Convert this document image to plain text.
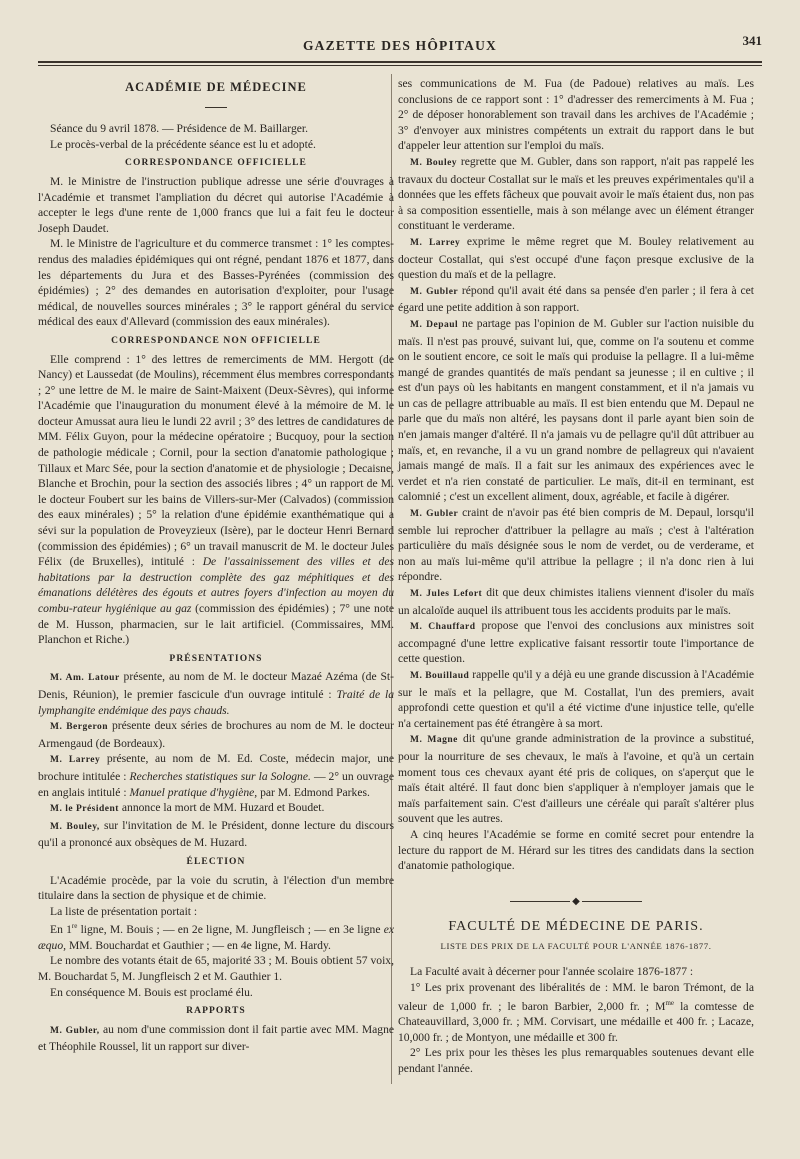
GAZETTE DES HÔPITAUX	341
ACADÉMIE DE MÉDECINE

Séance du 9 avril 1878. — Présidence de M. Baillarger.

Le procès-verbal de la précédente séance est lu et adopté.

CORRESPONDANCE OFFICIELLE

M. le Ministre de l'instruction publique adresse une série d'ouvrages à l'Académie et transmet l'ampliation du décret qui autorise l'Académie à accepter le legs d'une rente de 1,000 francs que lui a fait feu le docteur Joseph Daudet.

M. le Ministre de l'agriculture et du commerce transmet : 1° les comptes-rendus des maladies épidémiques qui ont régné, pendant 1876 et 1877, dans les départements du Jura et des Basses-Pyrénées (commission des épidémies) ; 2° des demandes en autorisation d'exploiter, pour l'usage médical, de nouvelles sources minérales ; 3° le rapport général du service médical des eaux d'Allevard (commission des eaux minérales).

CORRESPONDANCE NON OFFICIELLE

Elle comprend : 1° des lettres de remerciments de MM. Hergott (de Nancy) et Laussedat (de Moulins), récemment élus membres correspondants ; 2° une lettre de M. le maire de Saint-Maixent (Deux-Sèvres), qui informe l'Académie que l'inauguration du monument élevé à la mémoire de M. le docteur Amussat aura lieu le lundi 22 avril ; 3° des lettres de candidatures de MM. Félix Guyon, pour la médecine opératoire ; Bucquoy, pour la section de pathologie médicale ; Cornil, pour la section d'anatomie pathologique ; Tillaux et Marc Sée, pour la section d'anatomie et de physiologie ; Decaisne, Blanche et Brochin, pour la section des associés libres ; 4° un rapport de M. le docteur Foubert sur les bains de Villers-sur-Mer (Calvados) (commission des eaux minérales) ; 5° la relation d'une épidémie exanthématique qui a sévi sur la population de Proveyzieux (Isère), par le docteur Henri Bernard (commission des épidémies) ; 6° un travail manuscrit de M. le docteur Jules Félix (de Bruxelles), intitulé : De l'assainissement des villes et des habitations par la destruction complète des gaz méphitiques et des émanations délétères des égouts et autres foyers d'infection au moyen du combu-rateur hygiénique au gaz (commission des épidémies) ; 7° une note de M. Husson, pharmacien, sur le lait artificiel. (Commissaires, MM. Planchon et Riche.)

PRÉSENTATIONS

M. Am. Latour présente, au nom de M. le docteur Mazaé Azéma (de St-Denis, Réunion), le premier fascicule d'un ouvrage intitulé : Traité de la lymphangite endémique des pays chauds.

M. Bergeron présente deux séries de brochures au nom de M. le docteur Armengaud (de Bordeaux).

M. Larrey présente, au nom de M. Ed. Coste, médecin major, une brochure intitulée : Recherches statistiques sur la Sologne. — 2° un ouvrage en anglais intitulé : Manuel pratique d'hygiène, par M. Edmond Parkes.

M. le Président annonce la mort de MM. Huzard et Boudet.

M. Bouley, sur l'invitation de M. le Président, donne lecture du discours qu'il a prononcé aux obsèques de M. Huzard.

ÉLECTION

L'Académie procède, par la voie du scrutin, à l'élection d'un membre titulaire dans la section de physique et de chimie.

La liste de présentation portait :

En 1re ligne, M. Bouis ; — en 2e ligne, M. Jungfleisch ; — en 3e ligne ex æquo, MM. Bouchardat et Gauthier ; — en 4e ligne, M. Hardy.

Le nombre des votants était de 65, majorité 33 ; M. Bouis obtient 57 voix, M. Bouchardat 5, M. Jungfleisch 2 et M. Gauthier 1.

En conséquence M. Bouis est proclamé élu.

RAPPORTS

M. Gubler, au nom d'une commission dont il fait partie avec MM. Magne et Théophile Roussel, lit un rapport sur diver-

ses communications de M. Fua (de Padoue) relatives au maïs. Les conclusions de ce rapport sont : 1° d'adresser des remerciments à M. Fua ; 2° de déposer honorablement son travail dans les archives de l'Académie ; 3° d'envoyer aux ministres compétents un extrait du rapport dans le but d'appeler leur attention sur l'emploi du maïs.

M. Bouley regrette que M. Gubler, dans son rapport, n'ait pas rappelé les travaux du docteur Costallat sur le maïs et les preuves expérimentales qu'il a données que les effets fâcheux que pouvait avoir le maïs étaient dus, non pas à sa composition essentielle, mais à son mélange avec un élément étranger constituant le verderame.

M. Larrey exprime le même regret que M. Bouley relativement au docteur Costallat, qui s'est occupé d'une façon presque exclusive de la question du maïs et de la pellagre.

M. Gubler répond qu'il avait été dans sa pensée d'en parler ; il fera à cet égard une petite addition à son rapport.

M. Depaul ne partage pas l'opinion de M. Gubler sur l'action nuisible du maïs. Il n'est pas prouvé, suivant lui, que, comme on l'a soutenu et comme on le soutient encore, ce soit le maïs qui produise la pellagre. Il a lui-même mangé de grandes quantités de maïs pendant sa jeunesse ; il en cultive ; il est d'un pays où les habitants en mangent constamment, et il n'a jamais vu un cas de pellagre attribuable au maïs. Il est bien entendu que M. Depaul ne parle que du maïs non altéré, les paysans dont il parle ayant bien soin de n'en jamais manger d'altéré. Il n'a jamais vu de pellagre qu'il dût attribuer au maïs, et, en revanche, il a vu un grand nombre de pellagreux qui n'avaient jamais mangé de maïs. Il a fait sur les animaux des expériences avec le verdet et n'a rien constaté de particulier. Le maïs, dit-il en terminant, est calomnié ; c'est un excellent aliment, doux, agréable, et facile à digérer.

M. Gubler craint de n'avoir pas été bien compris de M. Depaul, lorsqu'il semble lui reprocher d'attribuer la pellagre au maïs ; c'est à l'altération particulière du maïs désignée sous le nom de verdet, ou de verderame, et non au maïs lui-même qu'il attribue la pellagre ; il n'a donc rien à lui répondre.

M. Jules Lefort dit que deux chimistes italiens viennent d'isoler du maïs un alcaloïde auquel ils attribuent tous les accidents produits par le maïs.

M. Chauffard propose que l'envoi des conclusions aux ministres soit accompagné d'une lettre explicative faisant ressortir toute l'importance de cette question.

M. Bouillaud rappelle qu'il y a déjà eu une grande discussion à l'Académie sur le maïs et la pellagre, que M. Costallat, l'un des premiers, avait approfondi cette question et qu'il a été victime d'une injustice telle, qu'elle n'a certainement pas été étrangère à sa mort.

M. Magne dit qu'une grande administration de la province a substitué, pour la nourriture de ses chevaux, le maïs à l'avoine, et qu'à un certain moment tous ces chevaux ayant été pris de coliques, on s'aperçut que le maïs était altéré. Il faut donc bien s'appliquer à n'employer jamais que le maïs parfaitement sain. C'est d'ailleurs une céréale qui paraît s'altérer plus souvent que les autres.

A cinq heures l'Académie se forme en comité secret pour entendre la lecture du rapport de M. Hérard sur les titres des candidats dans la section d'anatomie pathologique.

◆
FACULTÉ DE MÉDECINE DE PARIS.
LISTE DES PRIX DE LA FACULTÉ POUR L'ANNÉE 1876-1877.

La Faculté avait à décerner pour l'année scolaire 1876-1877 :

1° Les prix provenant des libéralités de : MM. le baron Trémont, de la valeur de 1,000 fr. ; le baron Barbier, 2,000 fr. ; $M^{me}$ la comtesse de Chateauvillard, 3,000 fr. ; MM. Corvisart, une médaille et 400 fr. ; Lacaze, 10,000 fr. ; de Montyon, une médaille et 300 fr.

2° Les prix pour les thèses les plus remarquables soutenues devant elle pendant l'année.
